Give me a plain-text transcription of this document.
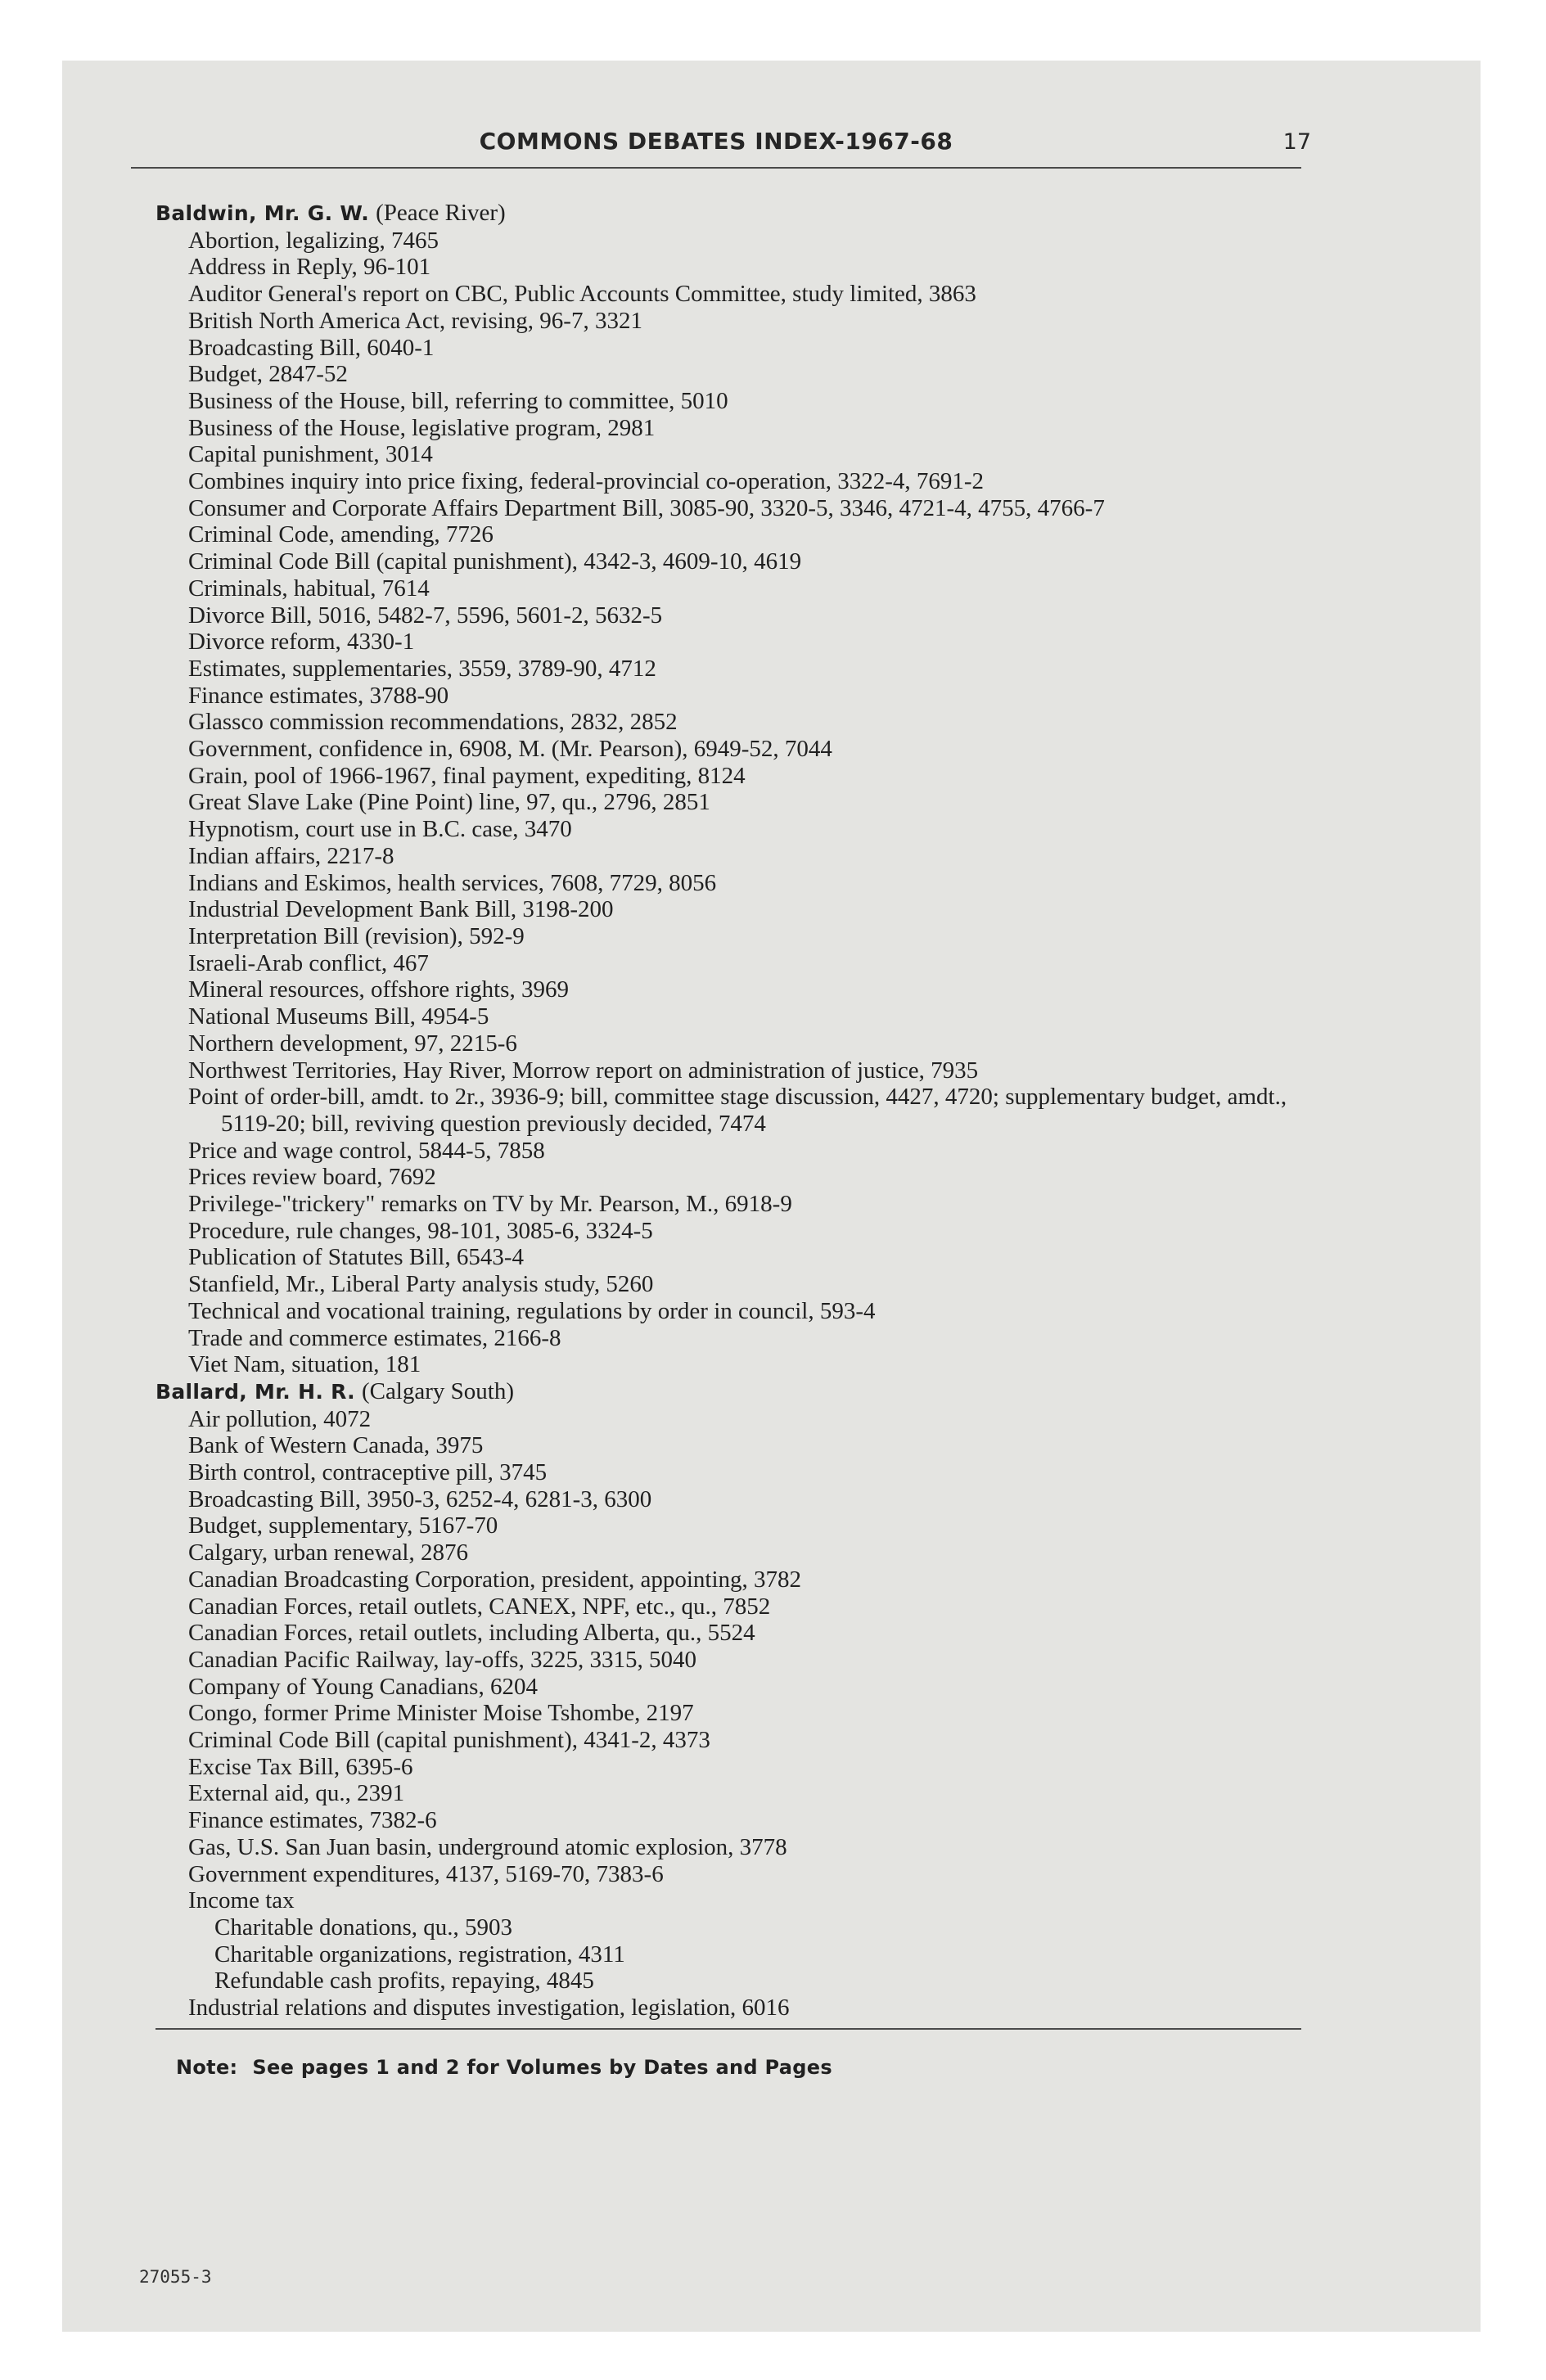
COMMONS DEBATES INDEX-1967-68	17
Baldwin, Mr. G. W. (Peace River)
Abortion, legalizing, 7465
Address in Reply, 96-101
Auditor General's report on CBC, Public Accounts Committee, study limited, 3863
British North America Act, revising, 96-7, 3321
Broadcasting Bill, 6040-1
Budget, 2847-52
Business of the House, bill, referring to committee, 5010
Business of the House, legislative program, 2981
Capital punishment, 3014
Combines inquiry into price fixing, federal-provincial co-operation, 3322-4, 7691-2
Consumer and Corporate Affairs Department Bill, 3085-90, 3320-5, 3346, 4721-4, 4755, 4766-7
Criminal Code, amending, 7726
Criminal Code Bill (capital punishment), 4342-3, 4609-10, 4619
Criminals, habitual, 7614
Divorce Bill, 5016, 5482-7, 5596, 5601-2, 5632-5
Divorce reform, 4330-1
Estimates, supplementaries, 3559, 3789-90, 4712
Finance estimates, 3788-90
Glassco commission recommendations, 2832, 2852
Government, confidence in, 6908, M. (Mr. Pearson), 6949-52, 7044
Grain, pool of 1966-1967, final payment, expediting, 8124
Great Slave Lake (Pine Point) line, 97, qu., 2796, 2851
Hypnotism, court use in B.C. case, 3470
Indian affairs, 2217-8
Indians and Eskimos, health services, 7608, 7729, 8056
Industrial Development Bank Bill, 3198-200
Interpretation Bill (revision), 592-9
Israeli-Arab conflict, 467
Mineral resources, offshore rights, 3969
National Museums Bill, 4954-5
Northern development, 97, 2215-6
Northwest Territories, Hay River, Morrow report on administration of justice, 7935
Point of order-bill, amdt. to 2r., 3936-9; bill, committee stage discussion, 4427, 4720; supplementary budget, amdt., 5119-20; bill, reviving question previously decided, 7474
Price and wage control, 5844-5, 7858
Prices review board, 7692
Privilege-"trickery" remarks on TV by Mr. Pearson, M., 6918-9
Procedure, rule changes, 98-101, 3085-6, 3324-5
Publication of Statutes Bill, 6543-4
Stanfield, Mr., Liberal Party analysis study, 5260
Technical and vocational training, regulations by order in council, 593-4
Trade and commerce estimates, 2166-8
Viet Nam, situation, 181
Ballard, Mr. H. R. (Calgary South)
Air pollution, 4072
Bank of Western Canada, 3975
Birth control, contraceptive pill, 3745
Broadcasting Bill, 3950-3, 6252-4, 6281-3, 6300
Budget, supplementary, 5167-70
Calgary, urban renewal, 2876
Canadian Broadcasting Corporation, president, appointing, 3782
Canadian Forces, retail outlets, CANEX, NPF, etc., qu., 7852
Canadian Forces, retail outlets, including Alberta, qu., 5524
Canadian Pacific Railway, lay-offs, 3225, 3315, 5040
Company of Young Canadians, 6204
Congo, former Prime Minister Moise Tshombe, 2197
Criminal Code Bill (capital punishment), 4341-2, 4373
Excise Tax Bill, 6395-6
External aid, qu., 2391
Finance estimates, 7382-6
Gas, U.S. San Juan basin, underground atomic explosion, 3778
Government expenditures, 4137, 5169-70, 7383-6
Income tax
Charitable donations, qu., 5903
Charitable organizations, registration, 4311
Refundable cash profits, repaying, 4845
Industrial relations and disputes investigation, legislation, 6016
Note: See pages 1 and 2 for Volumes by Dates and Pages
27055-3
